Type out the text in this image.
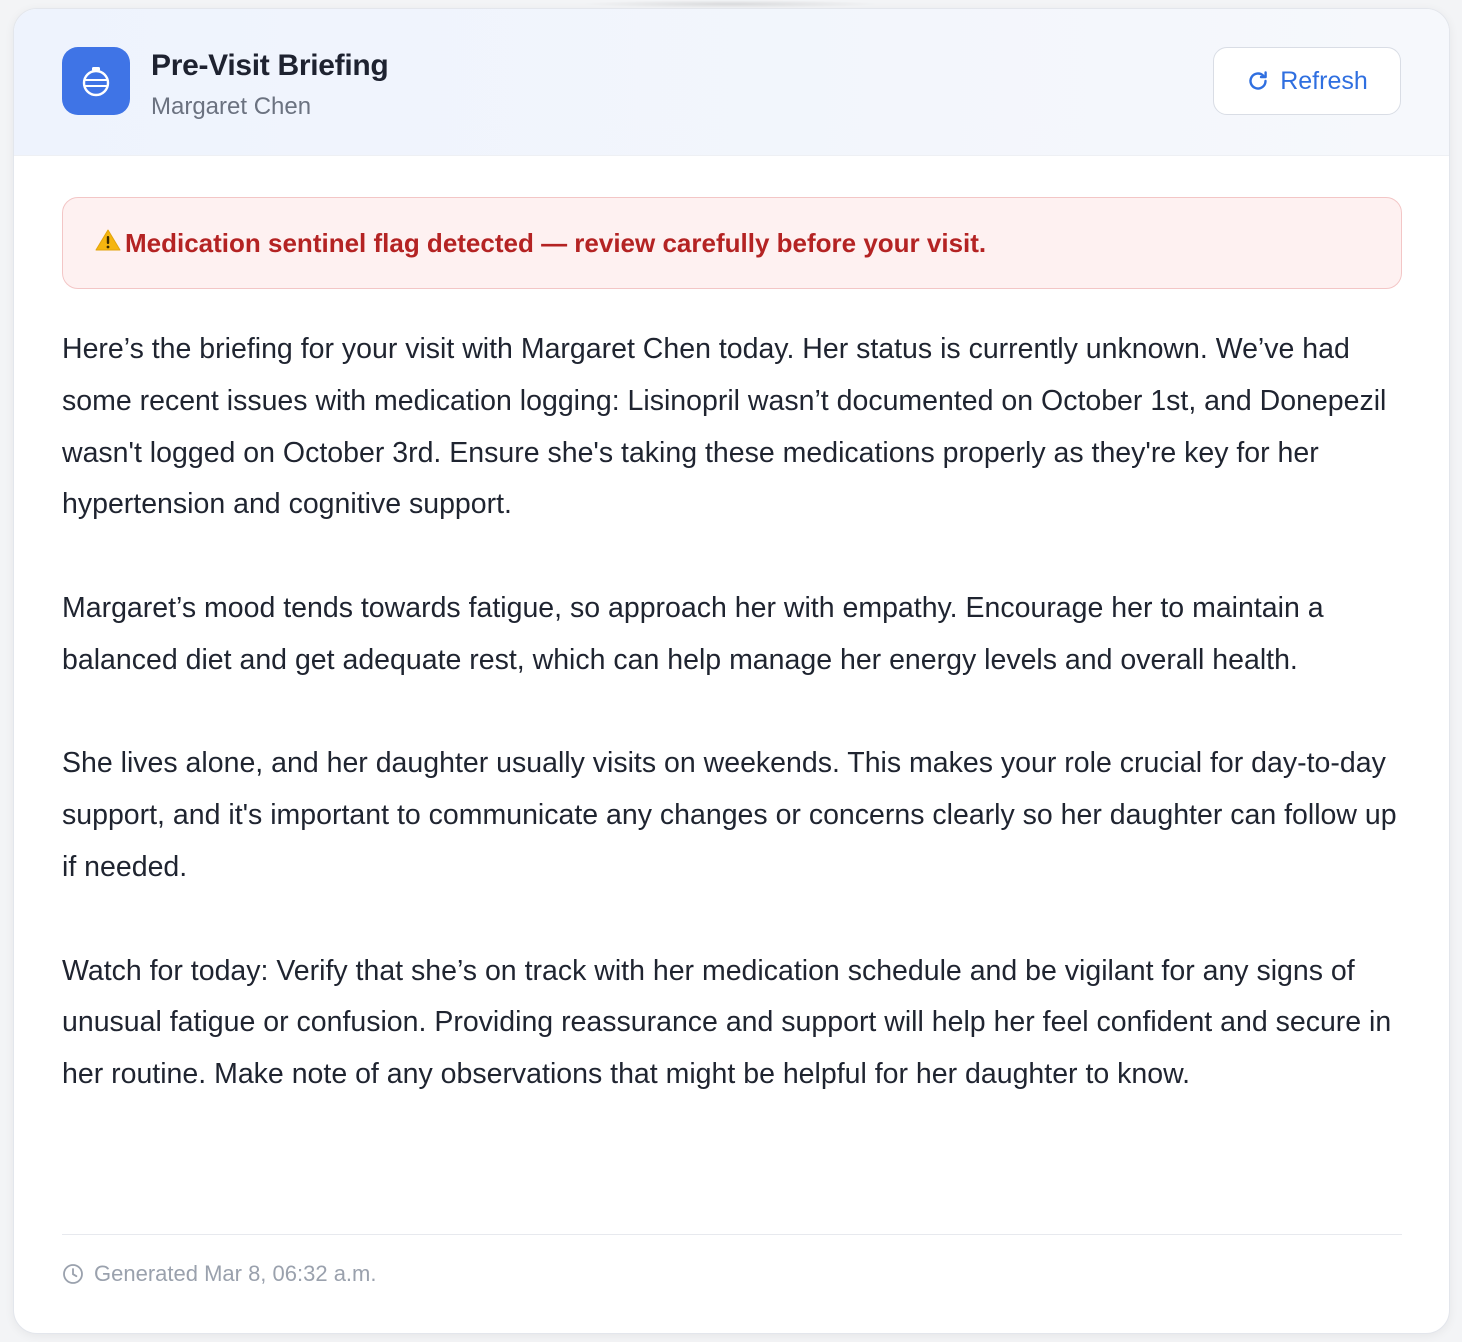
Pre-Visit Briefing
Margaret Chen
Refresh
Medication sentinel flag detected — review carefully before your visit.

Here’s the briefing for your visit with Margaret Chen today. Her status is currently unknown. We’ve had some recent issues with medication logging: Lisinopril wasn’t documented on October 1st, and Donepezil wasn't logged on October 3rd. Ensure she's taking these medications properly as they're key for her hypertension and cognitive support.

Margaret’s mood tends towards fatigue, so approach her with empathy. Encourage her to maintain a balanced diet and get adequate rest, which can help manage her energy levels and overall health.

She lives alone, and her daughter usually visits on weekends. This makes your role crucial for day-to-day support, and it's important to communicate any changes or concerns clearly so her daughter can follow up if needed.

Watch for today: Verify that she’s on track with her medication schedule and be vigilant for any signs of unusual fatigue or confusion. Providing reassurance and support will help her feel confident and secure in her routine. Make note of any observations that might be helpful for her daughter to know.

Generated Mar 8, 06:32 a.m.
